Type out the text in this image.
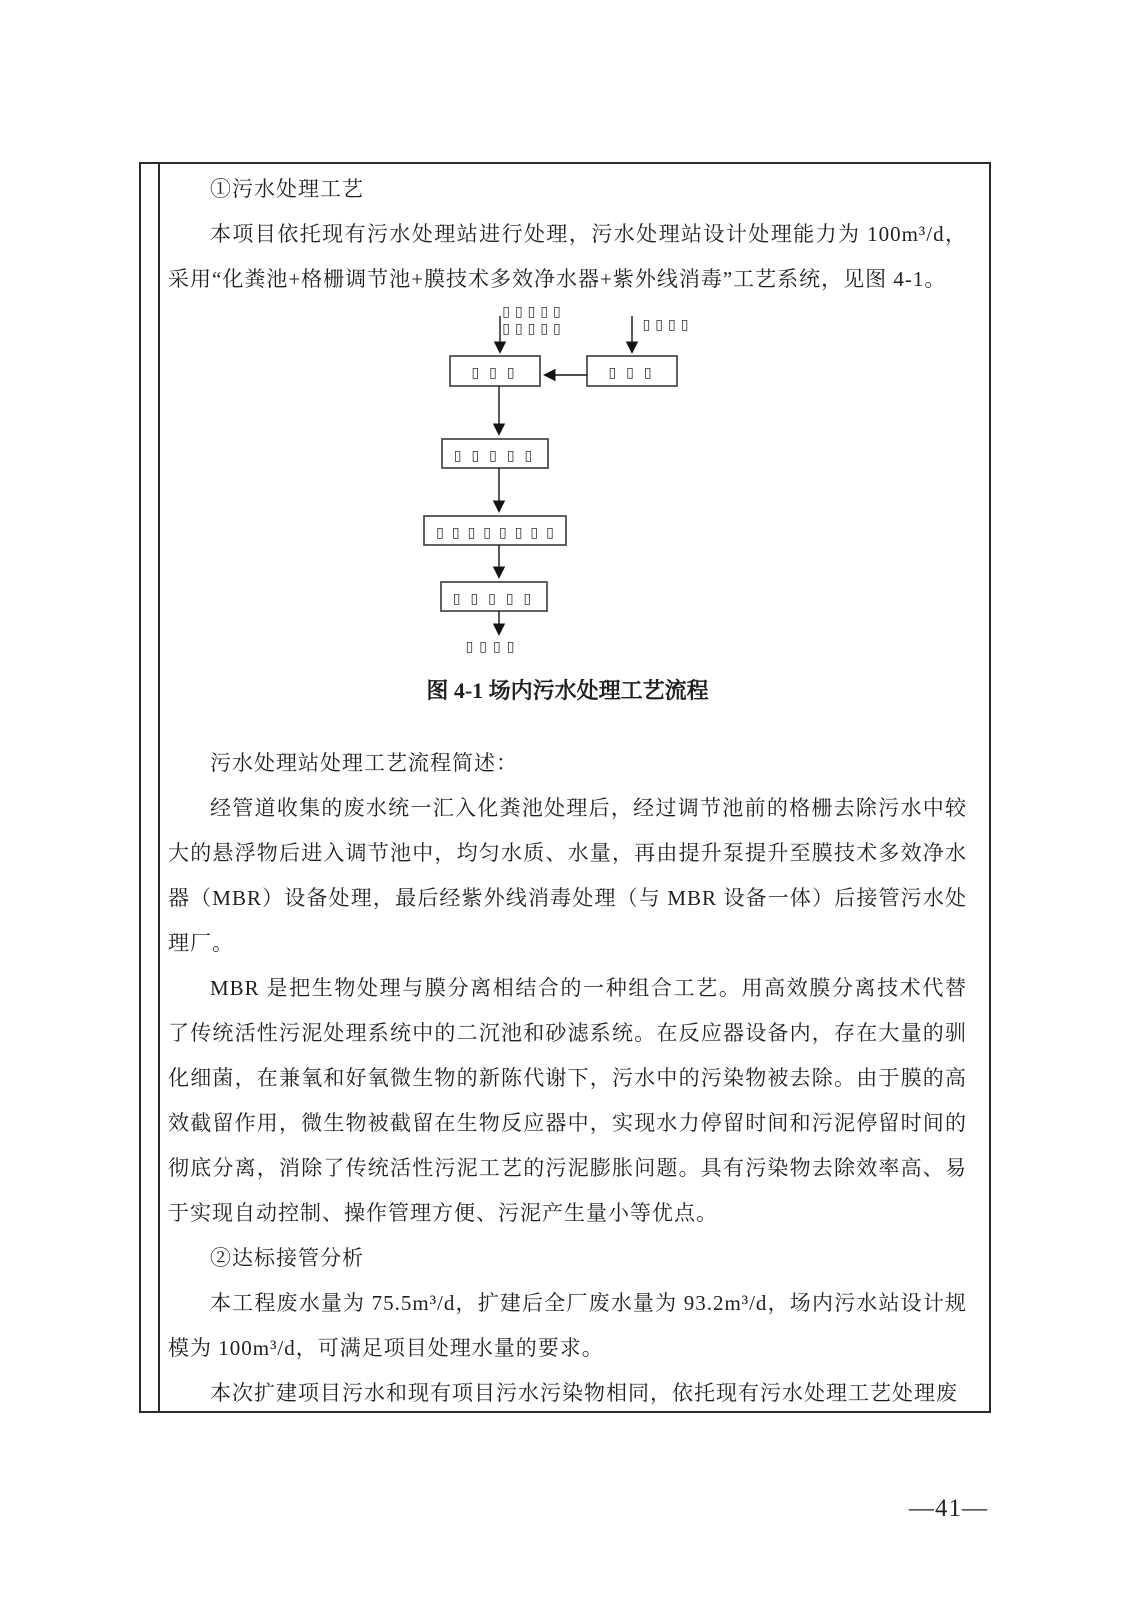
①污水处理工艺

本项目依托现有污水处理站进行处理，污水处理站设计处理能力为 100m³/d，采用“化粪池+格栅调节池+膜技术多效净水器+紫外线消毒”工艺系统，见图 4-1。

▯▯▯▯▯
▯▯▯▯▯	▯▯▯▯
▯▯▯	▯▯▯
▯▯▯▯▯
▯▯▯▯▯▯▯▯
▯▯▯▯▯
▯▯▯▯

图 4-1 场内污水处理工艺流程

污水处理站处理工艺流程简述：

经管道收集的废水统一汇入化粪池处理后，经过调节池前的格栅去除污水中较大的悬浮物后进入调节池中，均匀水质、水量，再由提升泵提升至膜技术多效净水器（MBR）设备处理，最后经紫外线消毒处理（与 MBR 设备一体）后接管污水处理厂。

MBR 是把生物处理与膜分离相结合的一种组合工艺。用高效膜分离技术代替了传统活性污泥处理系统中的二沉池和砂滤系统。在反应器设备内，存在大量的驯化细菌，在兼氧和好氧微生物的新陈代谢下，污水中的污染物被去除。由于膜的高效截留作用，微生物被截留在生物反应器中，实现水力停留时间和污泥停留时间的彻底分离，消除了传统活性污泥工艺的污泥膨胀问题。具有污染物去除效率高、易于实现自动控制、操作管理方便、污泥产生量小等优点。

②达标接管分析

本工程废水量为 75.5m³/d，扩建后全厂废水量为 93.2m³/d，场内污水站设计规模为 100m³/d，可满足项目处理水量的要求。

本次扩建项目污水和现有项目污水污染物相同，依托现有污水处理工艺处理废

—41—
